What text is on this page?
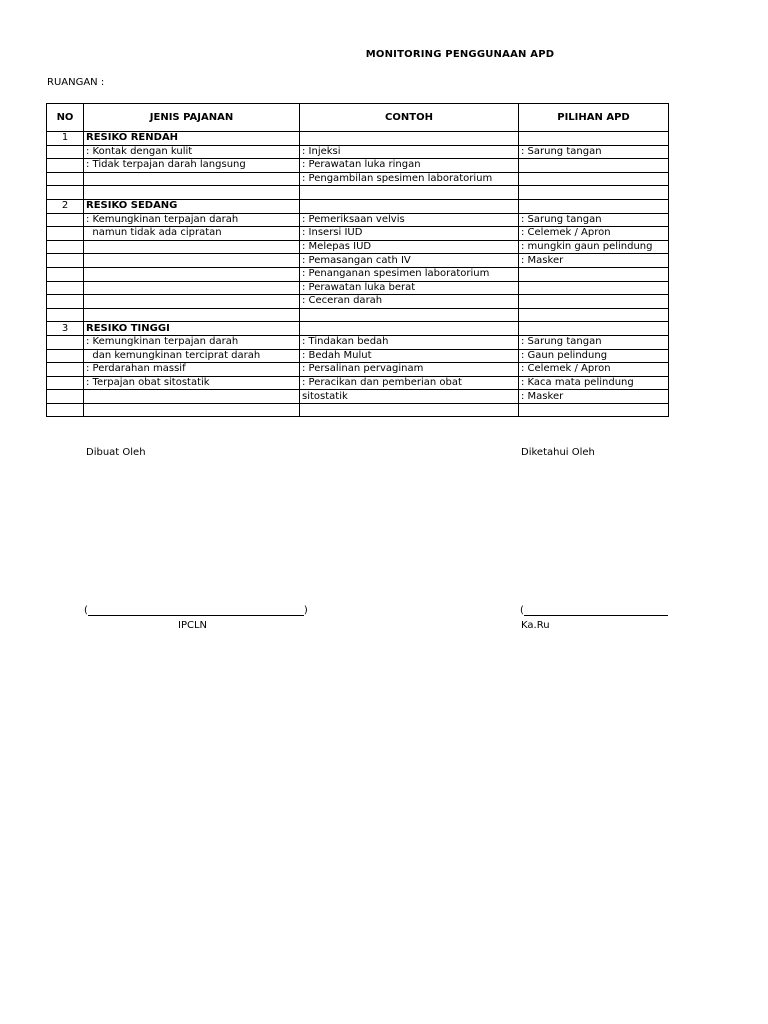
MONITORING PENGGUNAAN APD
RUANGAN :
NO	JENIS PAJANAN	CONTOH	PILIHAN APD
1	RESIKO RENDAH		
	: Kontak dengan kulit	: Injeksi	: Sarung tangan
	: Tidak terpajan darah langsung	: Perawatan luka ringan	
		: Pengambilan spesimen laboratorium	

2	RESIKO SEDANG		
	: Kemungkinan terpajan darah	: Pemeriksaan velvis	: Sarung tangan
	namun tidak ada cipratan	: Insersi IUD	: Celemek / Apron
		: Melepas IUD	: mungkin gaun pelindung
		: Pemasangan cath IV	: Masker
		: Penanganan spesimen laboratorium	
		: Perawatan luka berat	
		: Ceceran darah	

3	RESIKO TINGGI		
	: Kemungkinan terpajan darah	: Tindakan bedah	: Sarung tangan
	dan kemungkinan terciprat darah	: Bedah Mulut	: Gaun pelindung
	: Perdarahan massif	: Persalinan pervaginam	: Celemek / Apron
	: Terpajan obat sitostatik	: Peracikan dan pemberian obat	: Kaca mata pelindung
		sitostatik	: Masker

Dibuat Oleh	Diketahui Oleh
(	)	(
IPCLN	Ka.Ru
